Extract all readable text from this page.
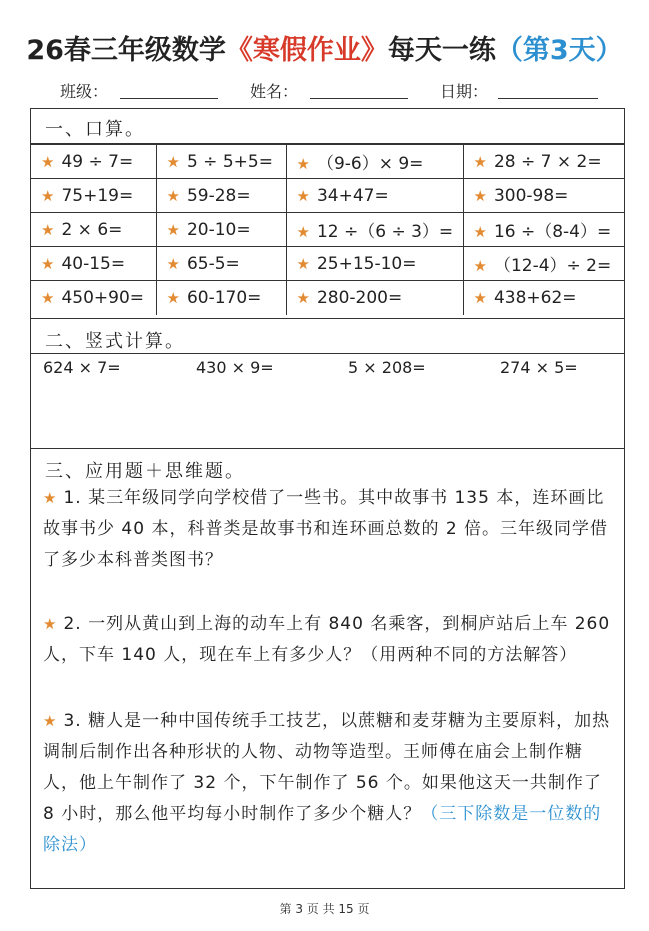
26春三年级数学《寒假作业》每天一练（第3天）
班级：	姓名：	日期：
一、口算。
★ 49 ÷ 7=	★ 5 ÷ 5+5=	★ （9-6）× 9=	★ 28 ÷ 7 × 2=
★ 75+19=	★ 59-28=	★ 34+47=	★ 300-98=
★ 2 × 6=	★ 20-10=	★ 12 ÷（6 ÷ 3）=	★ 16 ÷（8-4）=
★ 40-15=	★ 65-5=	★ 25+15-10=	★ （12-4）÷ 2=
★ 450+90=	★ 60-170=	★ 280-200=	★ 438+62=
二、竖式计算。
624 × 7=	430 × 9=	5 × 208=	274 × 5=
三、应用题＋思维题。
★ 1. 某三年级同学向学校借了一些书。其中故事书 135 本，连环画比故事书少 40 本，科普类是故事书和连环画总数的 2 倍。三年级同学借了多少本科普类图书？
★ 2. 一列从黄山到上海的动车上有 840 名乘客，到桐庐站后上车 260 人，下车 140 人，现在车上有多少人？（用两种不同的方法解答）
★ 3. 糖人是一种中国传统手工技艺，以蔗糖和麦芽糖为主要原料，加热调制后制作出各种形状的人物、动物等造型。王师傅在庙会上制作糖人，他上午制作了 32 个，下午制作了 56 个。如果他这天一共制作了 8 小时，那么他平均每小时制作了多少个糖人？（三下除数是一位数的除法）
第 3 页 共 15 页
